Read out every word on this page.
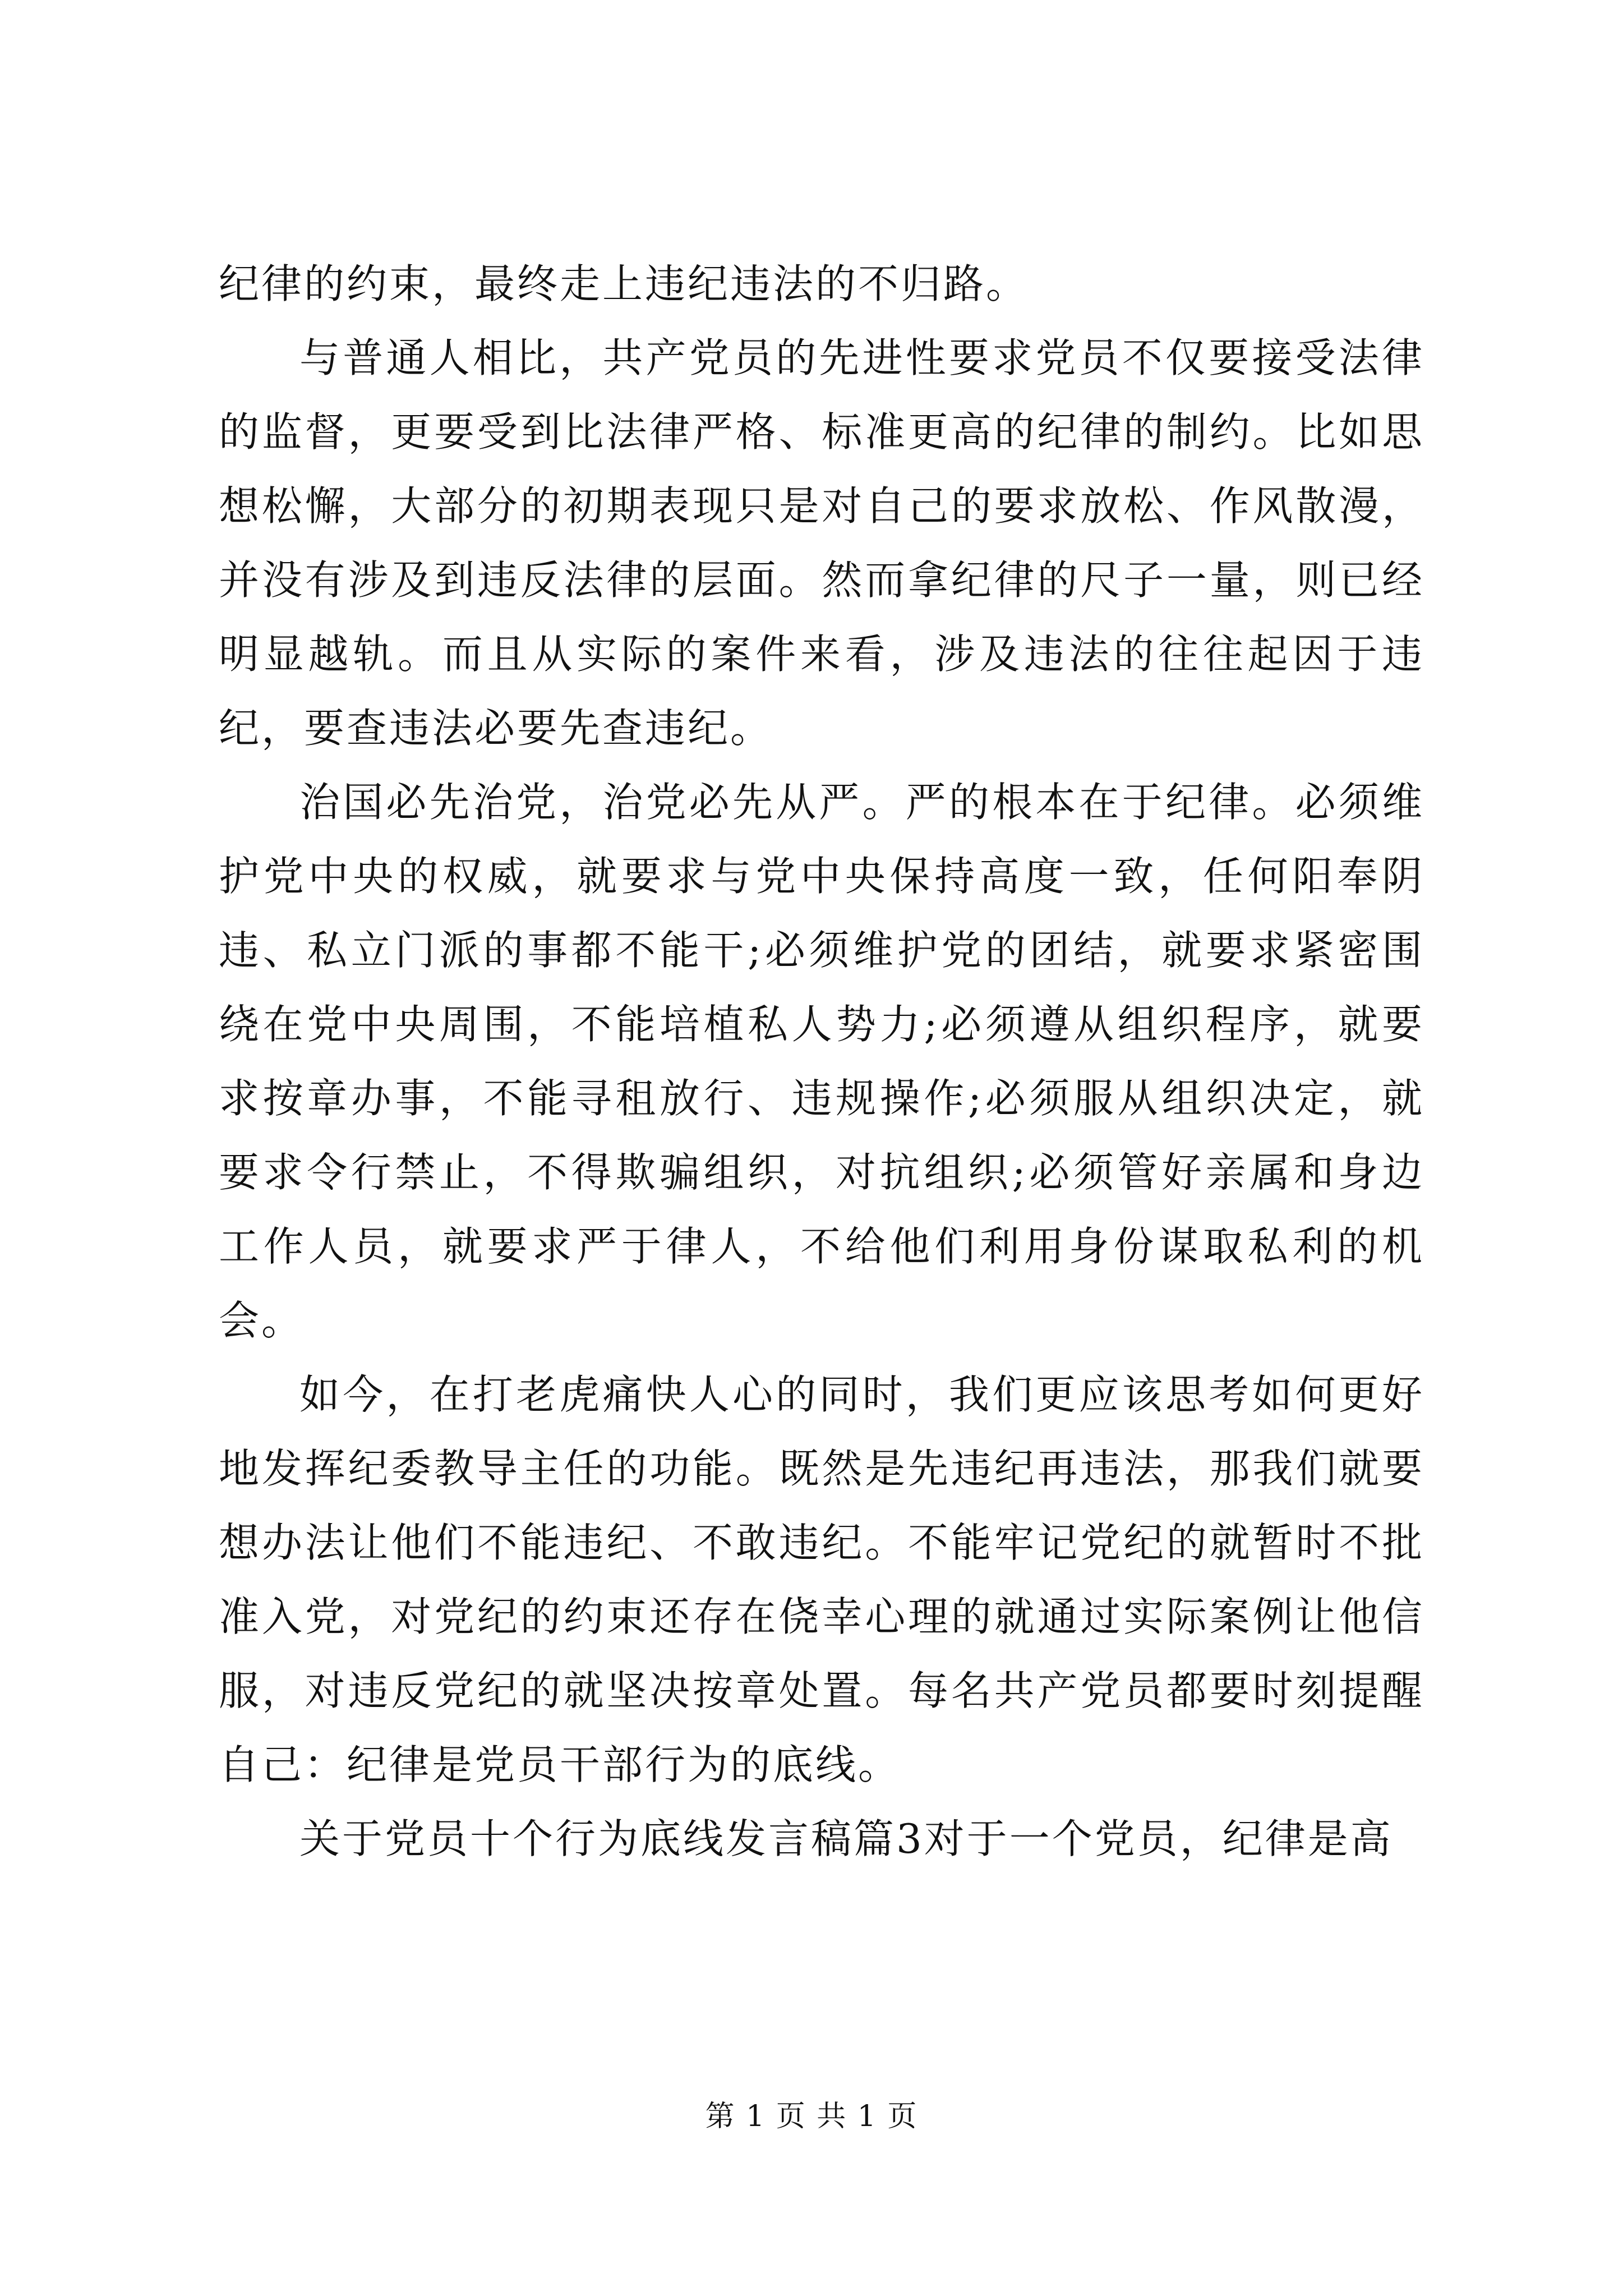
纪律的约束，最终走上违纪违法的不归路。

与普通人相比，共产党员的先进性要求党员不仅要接受法律的监督，更要受到比法律严格、标准更高的纪律的制约。比如思想松懈，大部分的初期表现只是对自己的要求放松、作风散漫，并没有涉及到违反法律的层面。然而拿纪律的尺子一量，则已经明显越轨。而且从实际的案件来看，涉及违法的往往起因于违纪，要查违法必要先查违纪。

治国必先治党，治党必先从严。严的根本在于纪律。必须维护党中央的权威，就要求与党中央保持高度一致，任何阳奉阴违、私立门派的事都不能干;必须维护党的团结，就要求紧密围绕在党中央周围，不能培植私人势力;必须遵从组织程序，就要求按章办事，不能寻租放行、违规操作;必须服从组织决定，就要求令行禁止，不得欺骗组织，对抗组织;必须管好亲属和身边工作人员，就要求严于律人，不给他们利用身份谋取私利的机会。

如今，在打老虎痛快人心的同时，我们更应该思考如何更好地发挥纪委教导主任的功能。既然是先违纪再违法，那我们就要想办法让他们不能违纪、不敢违纪。不能牢记党纪的就暂时不批准入党，对党纪的约束还存在侥幸心理的就通过实际案例让他信服，对违反党纪的就坚决按章处置。每名共产党员都要时刻提醒自己：纪律是党员干部行为的底线。

关于党员十个行为底线发言稿篇3对于一个党员，纪律是高

第 1 页 共 1 页
